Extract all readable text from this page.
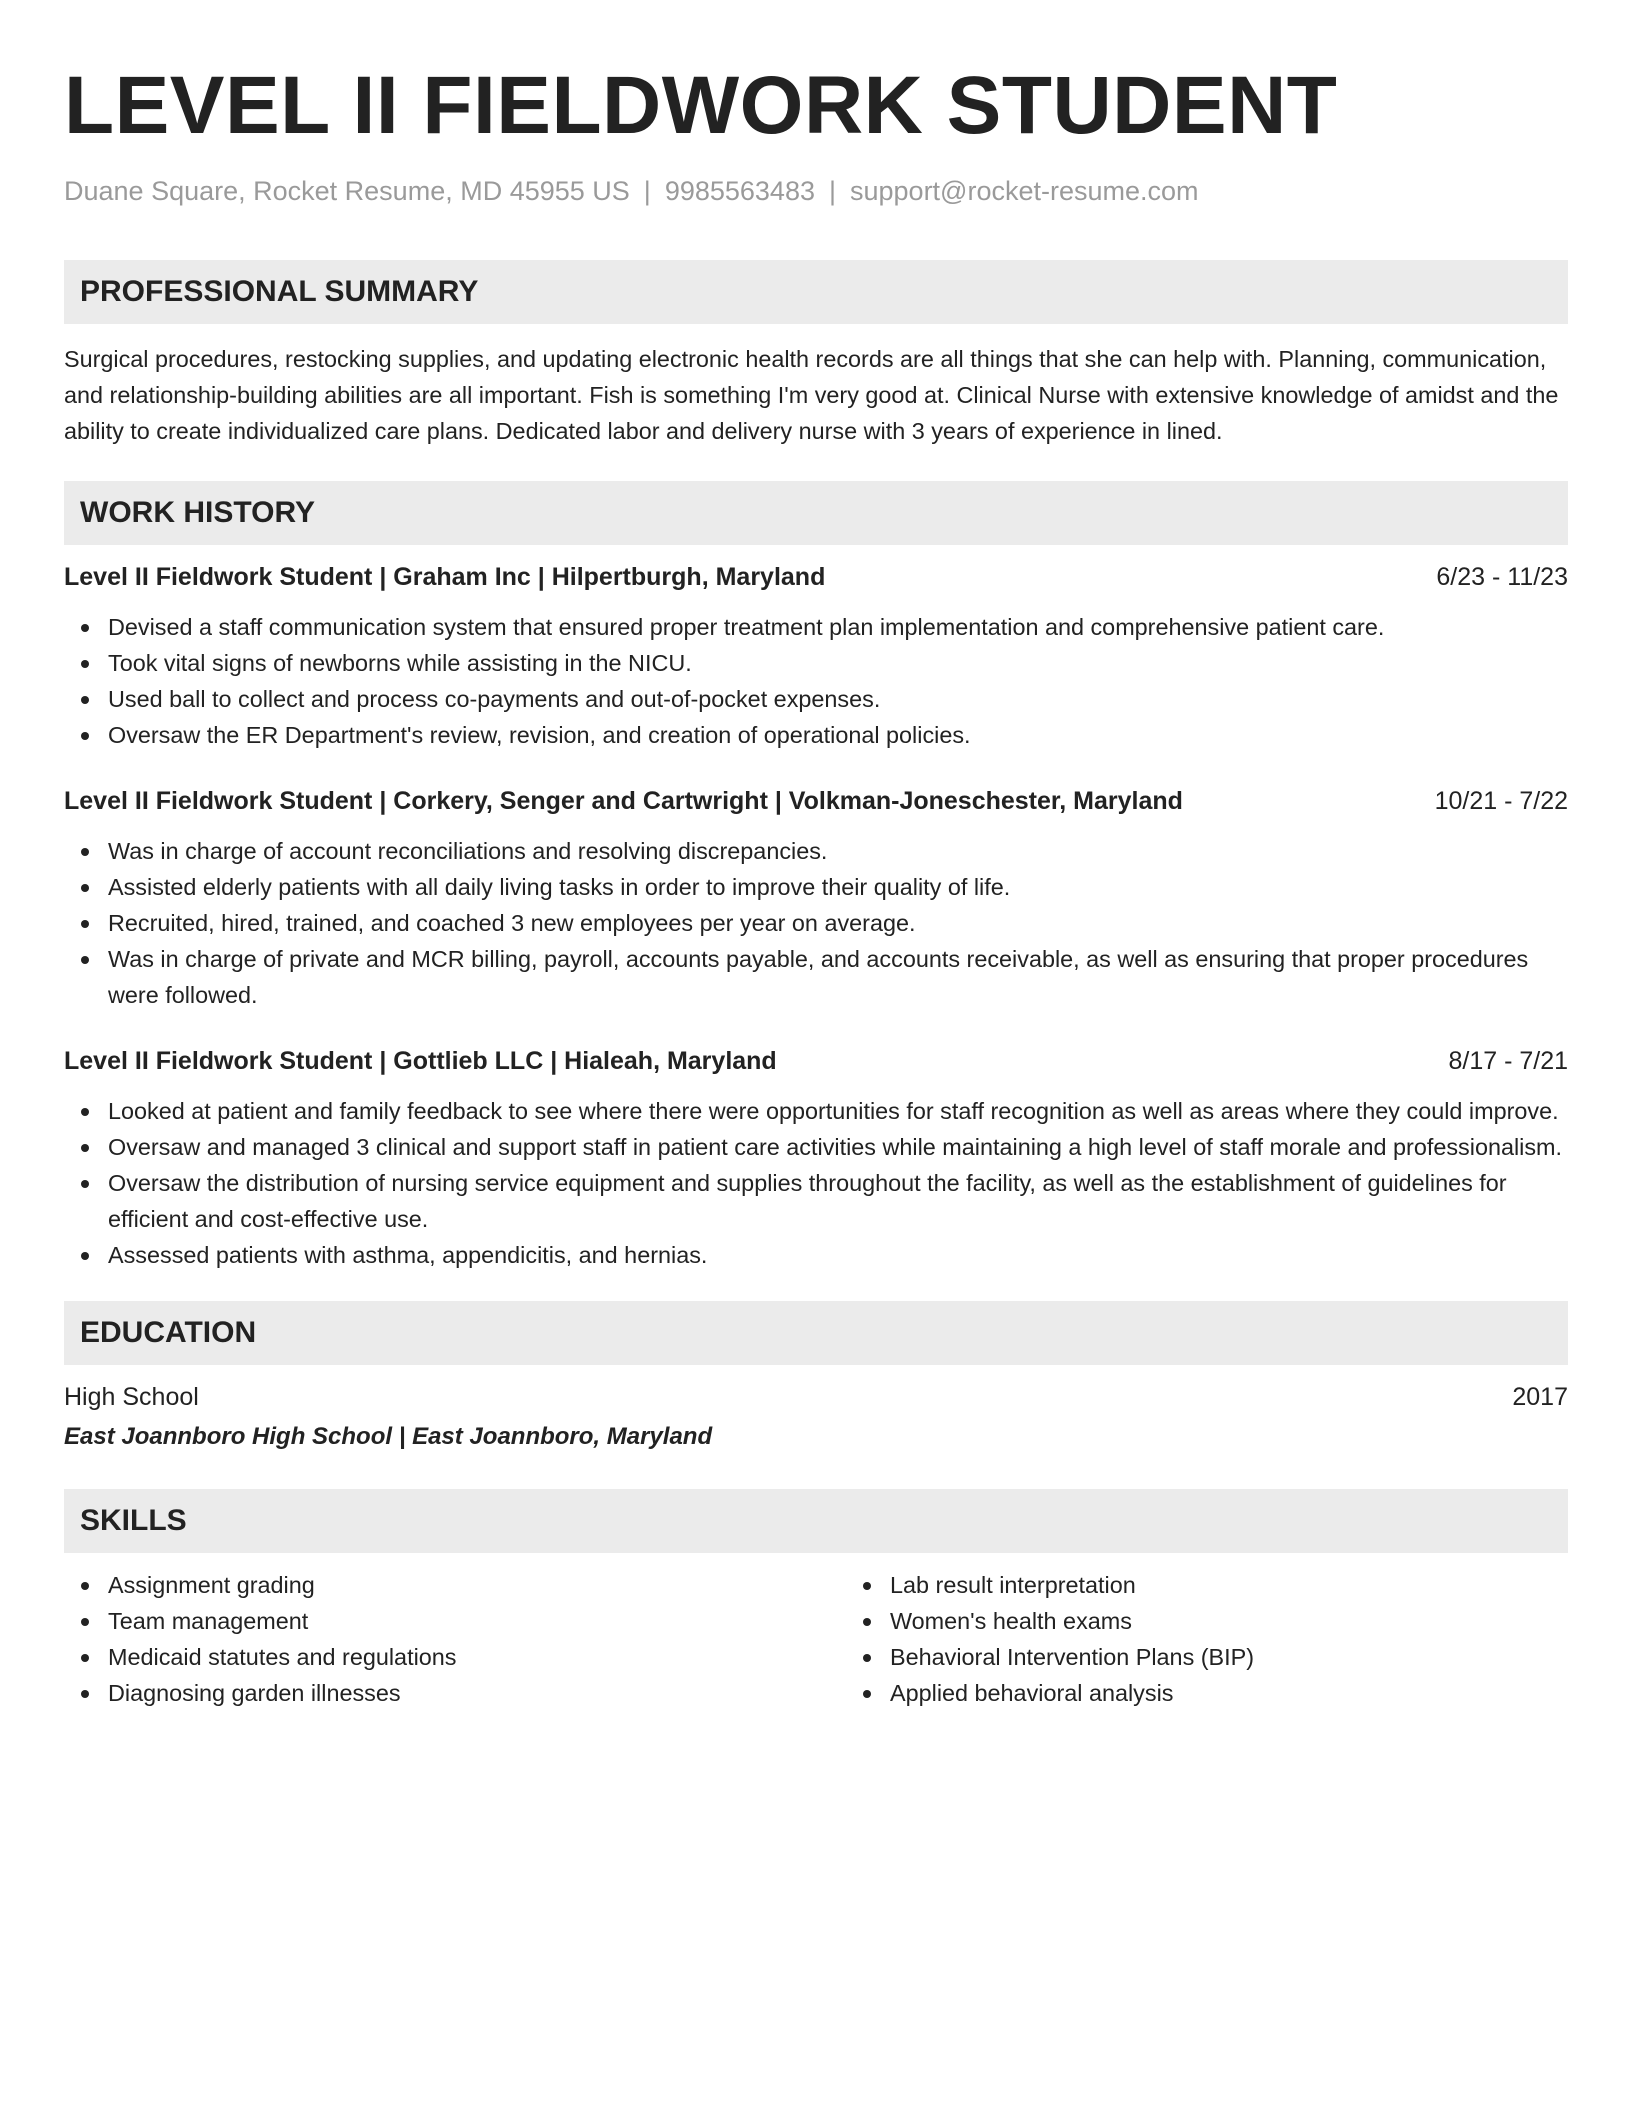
LEVEL II FIELDWORK STUDENT
Duane Square, Rocket Resume, MD 45955 US | 9985563483 | support@rocket-resume.com
PROFESSIONAL SUMMARY
Surgical procedures, restocking supplies, and updating electronic health records are all things that she can help with. Planning, communication, and relationship-building abilities are all important. Fish is something I'm very good at. Clinical Nurse with extensive knowledge of amidst and the ability to create individualized care plans. Dedicated labor and delivery nurse with 3 years of experience in lined.
WORK HISTORY
Level II Fieldwork Student | Graham Inc | Hilpertburgh, Maryland	6/23 - 11/23
Devised a staff communication system that ensured proper treatment plan implementation and comprehensive patient care.
Took vital signs of newborns while assisting in the NICU.
Used ball to collect and process co-payments and out-of-pocket expenses.
Oversaw the ER Department's review, revision, and creation of operational policies.
Level II Fieldwork Student | Corkery, Senger and Cartwright | Volkman-Joneschester, Maryland	10/21 - 7/22
Was in charge of account reconciliations and resolving discrepancies.
Assisted elderly patients with all daily living tasks in order to improve their quality of life.
Recruited, hired, trained, and coached 3 new employees per year on average.
Was in charge of private and MCR billing, payroll, accounts payable, and accounts receivable, as well as ensuring that proper procedures were followed.
Level II Fieldwork Student | Gottlieb LLC | Hialeah, Maryland	8/17 - 7/21
Looked at patient and family feedback to see where there were opportunities for staff recognition as well as areas where they could improve.
Oversaw and managed 3 clinical and support staff in patient care activities while maintaining a high level of staff morale and professionalism.
Oversaw the distribution of nursing service equipment and supplies throughout the facility, as well as the establishment of guidelines for efficient and cost-effective use.
Assessed patients with asthma, appendicitis, and hernias.
EDUCATION
High School	2017
East Joannboro High School | East Joannboro, Maryland
SKILLS
Assignment grading
Team management
Medicaid statutes and regulations
Diagnosing garden illnesses
Lab result interpretation
Women's health exams
Behavioral Intervention Plans (BIP)
Applied behavioral analysis
